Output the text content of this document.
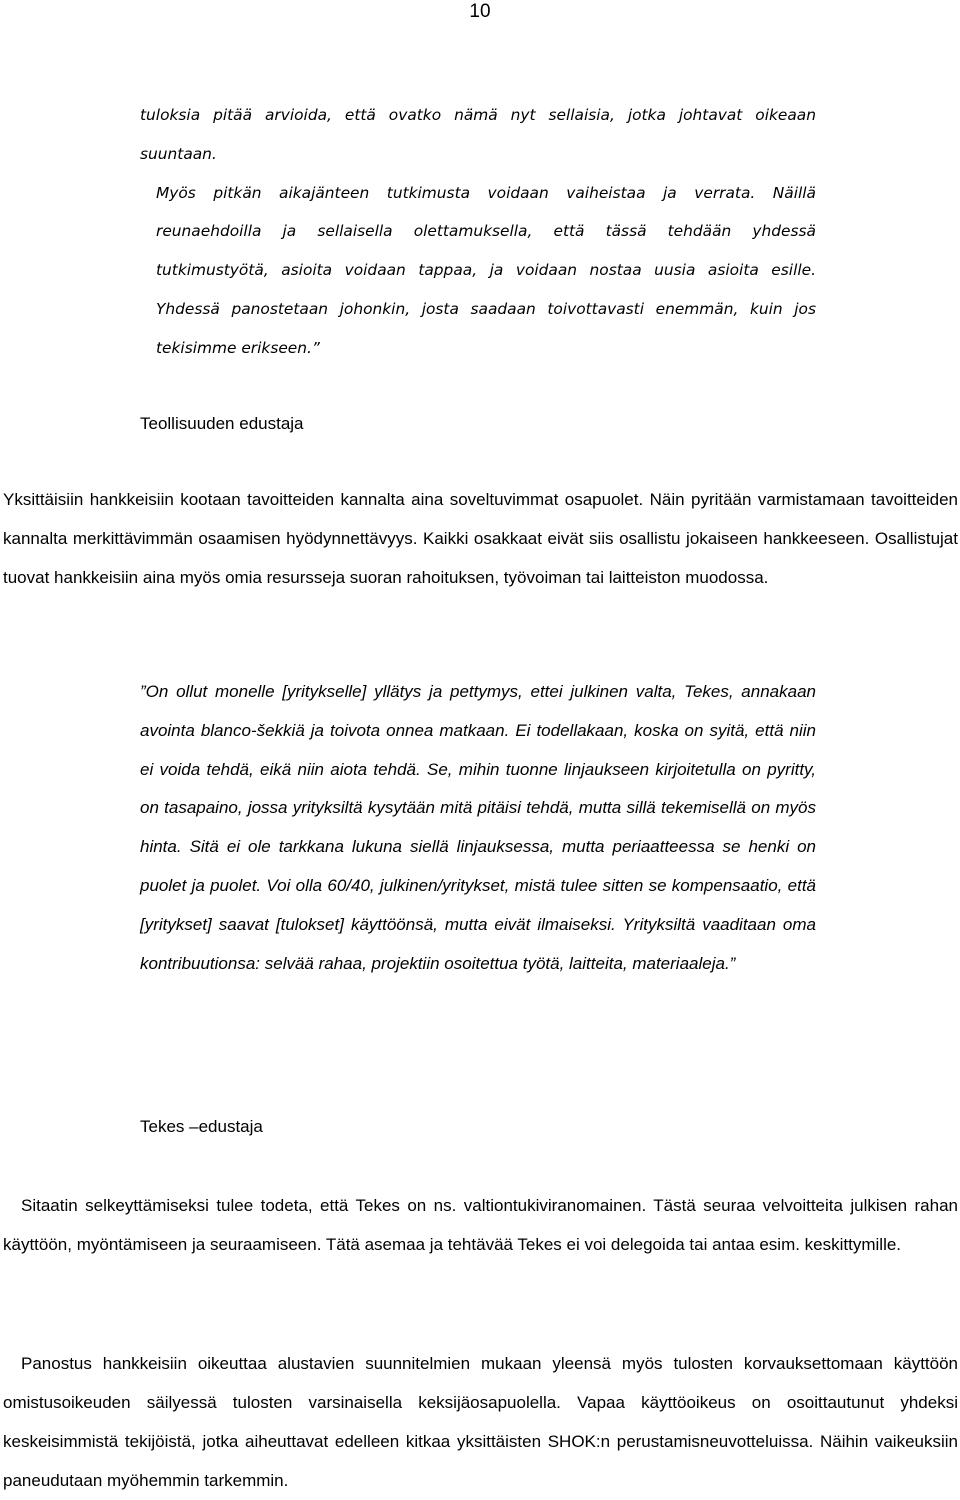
10
tuloksia pitää arvioida, että ovatko nämä nyt sellaisia, jotka johtavat oikeaan suuntaan.
Myös pitkän aikajänteen tutkimusta voidaan vaiheistaa ja verrata. Näillä reunaehdoilla ja sellaisella olettamuksella, että tässä tehdään yhdessä tutkimustyötä, asioita voidaan tappaa, ja voidaan nostaa uusia asioita esille. Yhdessä panostetaan johonkin, josta saadaan toivottavasti enemmän, kuin jos tekisimme erikseen.”
Teollisuuden edustaja
Yksittäisiin hankkeisiin kootaan tavoitteiden kannalta aina soveltuvimmat osapuolet. Näin pyritään varmistamaan tavoitteiden kannalta merkittävimmän osaamisen hyödynnettävyys. Kaikki osakkaat eivät siis osallistu jokaiseen hankkeeseen. Osallistujat tuovat hankkeisiin aina myös omia resursseja suoran rahoituksen, työvoiman tai laitteiston muodossa.
”On ollut monelle [yritykselle] yllätys ja pettymys, ettei julkinen valta, Tekes, annakaan avointa blanco-šekkiä ja toivota onnea matkaan. Ei todellakaan, koska on syitä, että niin ei voida tehdä, eikä niin aiota tehdä. Se, mihin tuonne linjaukseen kirjoitetulla on pyritty, on tasapaino, jossa yrityksiltä kysytään mitä pitäisi tehdä, mutta sillä tekemisellä on myös hinta. Sitä ei ole tarkkana lukuna siellä linjauksessa, mutta periaatteessa se henki on puolet ja puolet. Voi olla 60/40, julkinen/yritykset, mistä tulee sitten se kompensaatio, että [yritykset] saavat [tulokset] käyttöönsä, mutta eivät ilmaiseksi. Yrityksiltä vaaditaan oma kontribuutionsa: selvää rahaa, projektiin osoitettua työtä, laitteita, materiaaleja.”
Tekes –edustaja
Sitaatin selkeyttämiseksi tulee todeta, että Tekes on ns. valtiontukiviranomainen. Tästä seuraa velvoitteita julkisen rahan käyttöön, myöntämiseen ja seuraamiseen. Tätä asemaa ja tehtävää Tekes ei voi delegoida tai antaa esim. keskittymille.
Panostus hankkeisiin oikeuttaa alustavien suunnitelmien mukaan yleensä myös tulosten korvauksettomaan käyttöön omistusoikeuden säilyessä tulosten varsinaisella keksijäosapuolella. Vapaa käyttöoikeus on osoittautunut yhdeksi keskeisimmistä tekijöistä, jotka aiheuttavat edelleen kitkaa yksittäisten SHOK:n perustamisneuvotteluissa. Näihin vaikeuksiin paneudutaan myöhemmin tarkemmin.
